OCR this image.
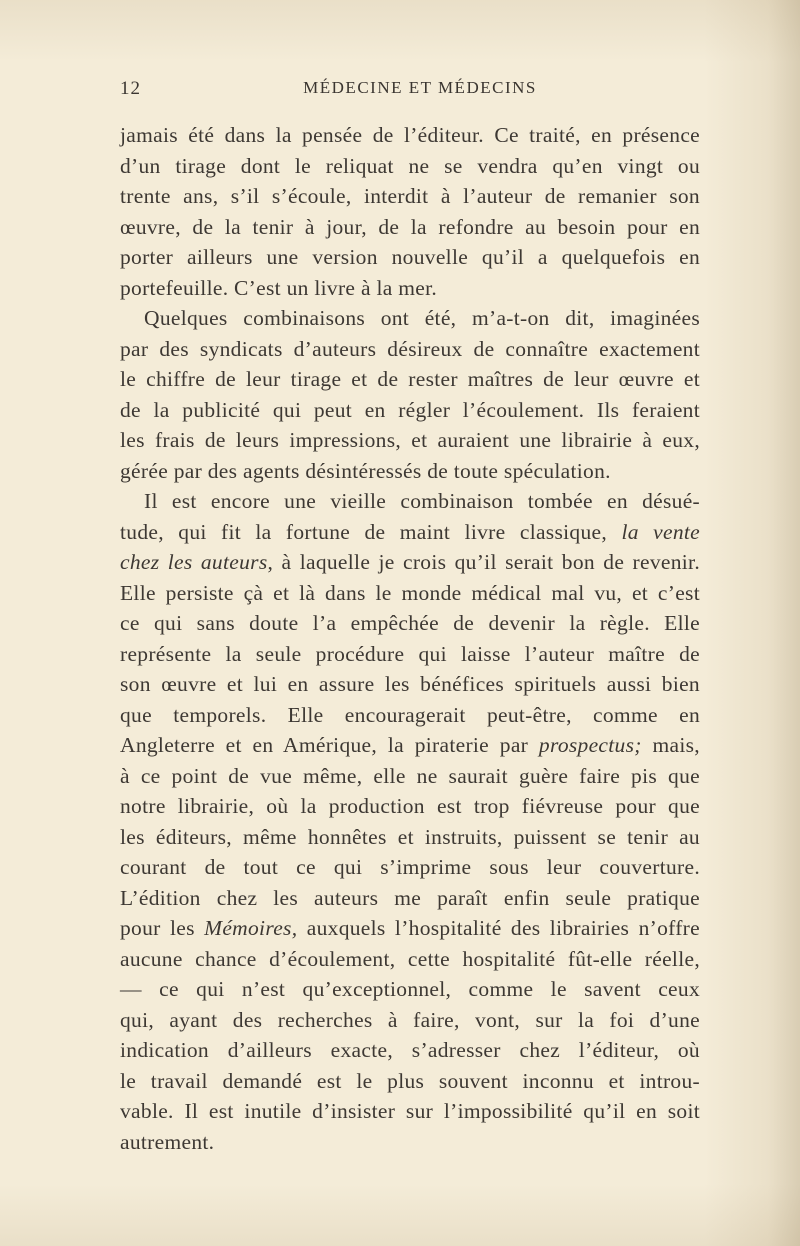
12	MÉDECINE ET MÉDECINS
jamais été dans la pensée de l’éditeur. Ce traité, en présence
d’un tirage dont le reliquat ne se vendra qu’en vingt ou
trente ans, s’il s’écoule, interdit à l’auteur de remanier son
œuvre, de la tenir à jour, de la refondre au besoin pour en
porter ailleurs une version nouvelle qu’il a quelquefois en
portefeuille. C’est un livre à la mer.
Quelques combinaisons ont été, m’a-t-on dit, imaginées
par des syndicats d’auteurs désireux de connaître exactement
le chiffre de leur tirage et de rester maîtres de leur œuvre et
de la publicité qui peut en régler l’écoulement. Ils feraient
les frais de leurs impressions, et auraient une librairie à eux,
gérée par des agents désintéressés de toute spéculation.
Il est encore une vieille combinaison tombée en désué-
tude, qui fit la fortune de maint livre classique, la vente
chez les auteurs, à laquelle je crois qu’il serait bon de revenir.
Elle persiste çà et là dans le monde médical mal vu, et c’est
ce qui sans doute l’a empêchée de devenir la règle. Elle
représente la seule procédure qui laisse l’auteur maître de
son œuvre et lui en assure les bénéfices spirituels aussi bien
que temporels. Elle encouragerait peut-être, comme en
Angleterre et en Amérique, la piraterie par prospectus; mais,
à ce point de vue même, elle ne saurait guère faire pis que
notre librairie, où la production est trop fiévreuse pour que
les éditeurs, même honnêtes et instruits, puissent se tenir au
courant de tout ce qui s’imprime sous leur couverture.
L’édition chez les auteurs me paraît enfin seule pratique
pour les Mémoires, auxquels l’hospitalité des librairies n’offre
aucune chance d’écoulement, cette hospitalité fût-elle réelle,
— ce qui n’est qu’exceptionnel, comme le savent ceux
qui, ayant des recherches à faire, vont, sur la foi d’une
indication d’ailleurs exacte, s’adresser chez l’éditeur, où
le travail demandé est le plus souvent inconnu et introu-
vable. Il est inutile d’insister sur l’impossibilité qu’il en soit
autrement.
